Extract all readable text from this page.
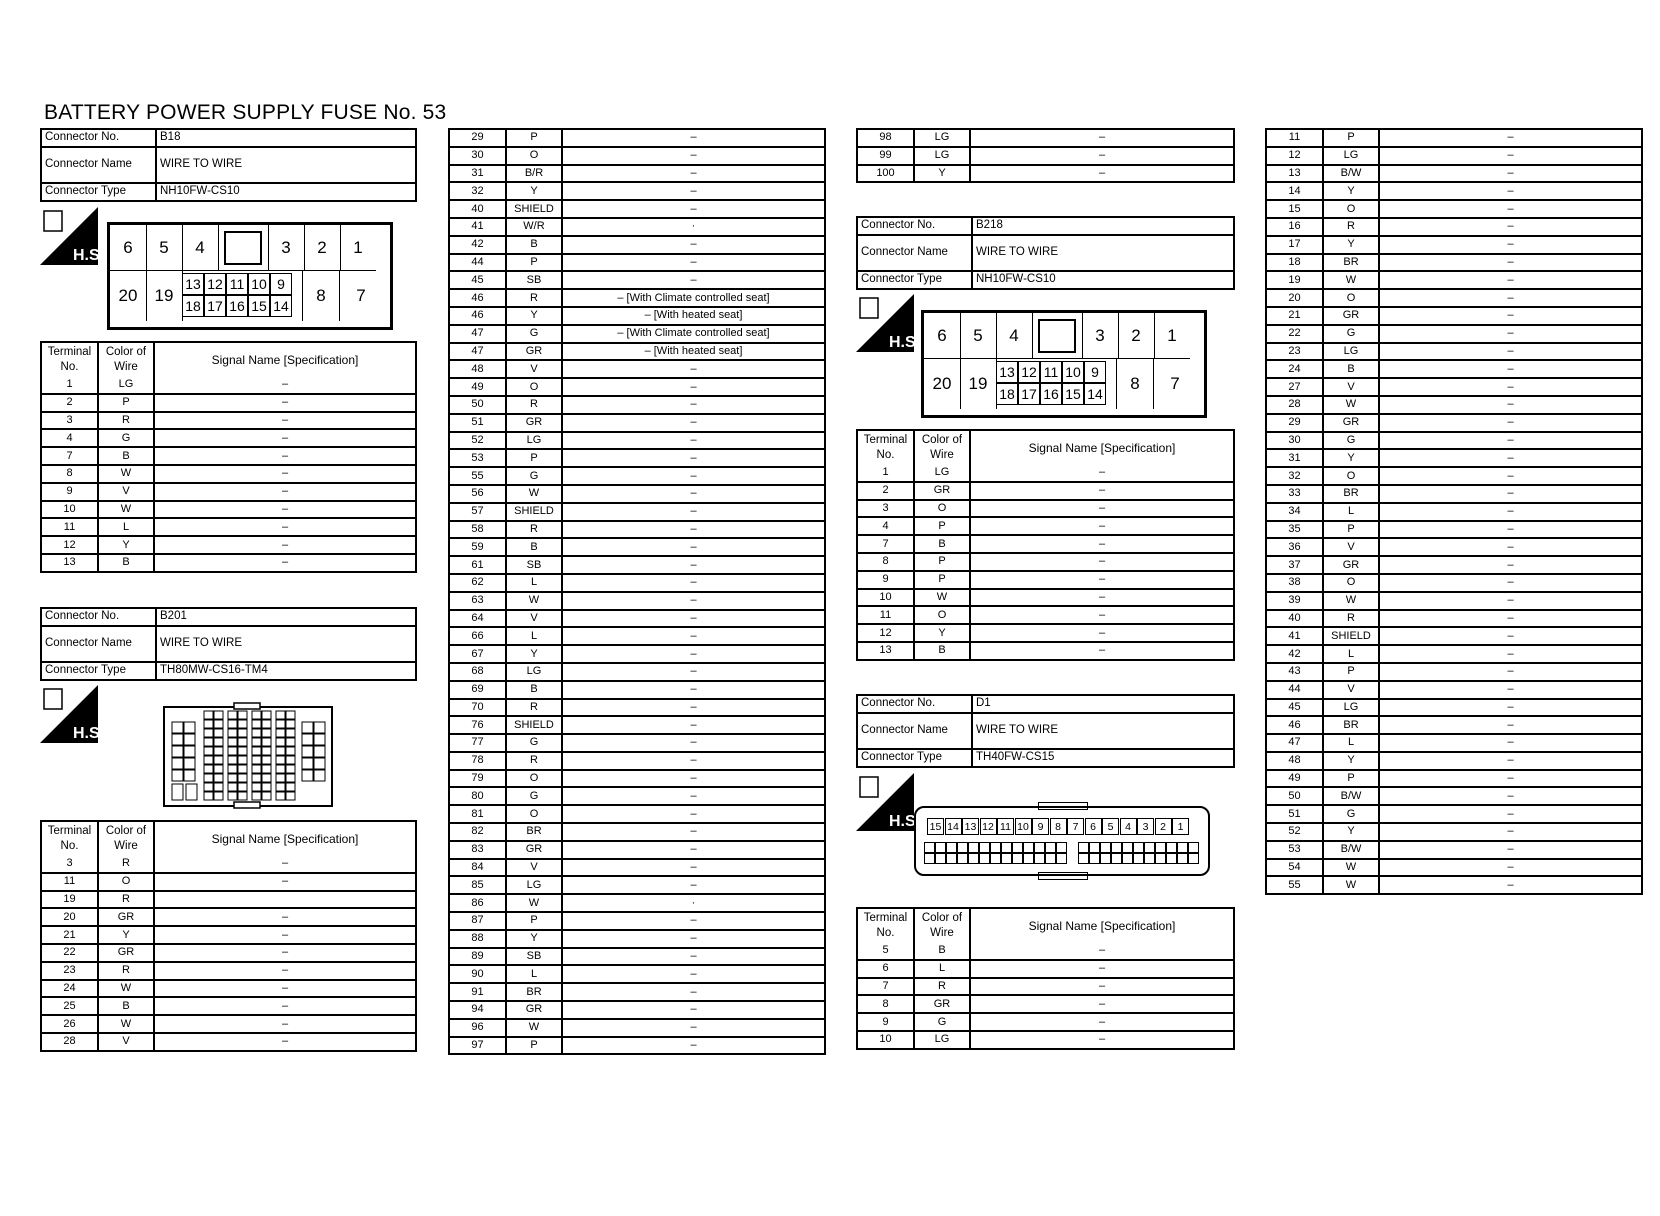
BATTERY POWER SUPPLY FUSE No. 53
Connector No.	B18
Connector Name	WIRE TO WIRE
Connector Type	NH10FW-CS10
H.S.	6	5	4	3	2	1
20	19
13 12 11 10 9
18 17 16 15 14
8	7
Terminal No.	Color of Wire	Signal Name [Specification]
1	LG	–
2	P	–
3	R	–
4	G	–
7	B	–
8	W	–
9	V	–
10	W	–
11	L	–
12	Y	–
13	B	–
Connector No.	B201
Connector Name	WIRE TO WIRE
Connector Type	TH80MW-CS16-TM4
H.S.
Terminal No.	Color of Wire	Signal Name [Specification]
3	R	–
11	O	–
19	R	
20	GR	–
21	Y	–
22	GR	–
23	R	–
24	W	–
25	B	–
26	W	–
28	V	–
29	P	–
30	O	–
31	B/R	–
32	Y	–
40	SHIELD	–
41	W/R	·
42	B	–
44	P	–
45	SB	–
46	R	– [With Climate controlled seat]
46	Y	– [With heated seat]
47	G	– [With Climate controlled seat]
47	GR	– [With heated seat]
48	V	–
49	O	–
50	R	–
51	GR	–
52	LG	–
53	P	–
55	G	–
56	W	–
57	SHIELD	–
58	R	–
59	B	–
61	SB	–
62	L	–
63	W	–
64	V	–
66	L	–
67	Y	–
68	LG	–
69	B	–
70	R	–
76	SHIELD	–
77	G	–
78	R	–
79	O	–
80	G	–
81	O	–
82	BR	–
83	GR	–
84	V	–
85	LG	–
86	W	·
87	P	–
88	Y	–
89	SB	–
90	L	–
91	BR	–
94	GR	–
96	W	–
97	P	–
98	LG	–
99	LG	–
100	Y	–
Connector No.	B218
Connector Name	WIRE TO WIRE
Connector Type	NH10FW-CS10
H.S.	6	5	4	3	2	1
20	19
13 12 11 10 9
18 17 16 15 14
8	7
Terminal No.	Color of Wire	Signal Name [Specification]
1	LG	–
2	GR	–
3	O	–
4	P	–
7	B	–
8	P	–
9	P	–
10	W	–
11	O	–
12	Y	–
13	B	–
Connector No.	D1
Connector Name	WIRE TO WIRE
Connector Type	TH40FW-CS15
H.S. 15 14 13 12 11 10 9	8	7	6	5	4	3	2	1
Terminal No.	Color of Wire	Signal Name [Specification]
5	B	–
6	L	–
7	R	–
8	GR	–
9	G	–
10	LG	–
11	P	–
12	LG	–
13	B/W	–
14	Y	–
15	O	–
16	R	–
17	Y	–
18	BR	–
19	W	–
20	O	–
21	GR	–
22	G	–
23	LG	–
24	B	–
27	V	–
28	W	–
29	GR	–
30	G	–
31	Y	–
32	O	–
33	BR	–
34	L	–
35	P	–
36	V	–
37	GR	–
38	O	–
39	W	–
40	R	–
41	SHIELD	–
42	L	–
43	P	–
44	V	–
45	LG	–
46	BR	–
47	L	–
48	Y	–
49	P	–
50	B/W	–
51	G	–
52	Y	–
53	B/W	–
54	W	–
55	W	–
